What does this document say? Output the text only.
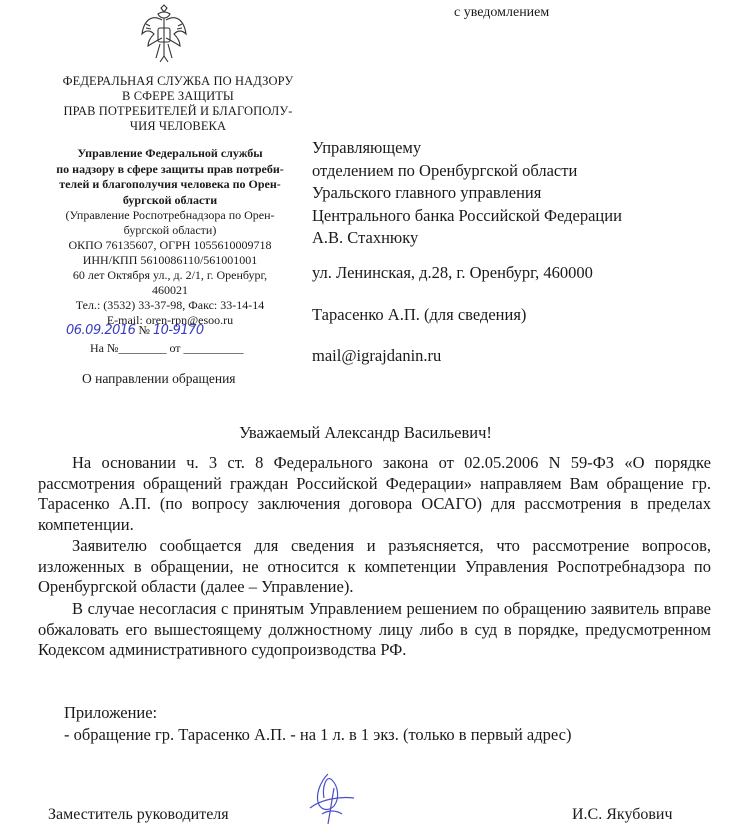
с уведомлением
ФЕДЕРАЛЬНАЯ СЛУЖБА ПО НАДЗОРУ
В СФЕРЕ ЗАЩИТЫ
ПРАВ ПОТРЕБИТЕЛЕЙ И БЛАГОПОЛУ-
ЧИЯ ЧЕЛОВЕКА
Управление Федеральной службы
по надзору в сфере защиты прав потреби-
телей и благополучия человека по Орен-
бургской области
(Управление Роспотребнадзора по Орен-
бургской области)
ОКПО 76135607, ОГРН 1055610009718
ИНН/КПП 5610086110/561001001
60 лет Октября ул., д. 2/1, г. Оренбург,
460021
Тел.: (3532) 33-37-98, Факс: 33-14-14
E-mail: oren-rpn@esoo.ru
06.09.2016 № 10-9170
На №________ от __________
О направлении обращения
Управляющему
отделением по Оренбургской области
Уральского главного управления
Центрального банка Российской Федерации
А.В. Стахнюку
ул. Ленинская, д.28, г. Оренбург, 460000
Тарасенко А.П. (для сведения)
mail@igrajdanin.ru
Уважаемый Александр Васильевич!
На основании ч. 3 ст. 8 Федерального закона от 02.05.2006 N 59-ФЗ «О порядке рассмотрения обращений граждан Российской Федерации» направляем Вам обращение гр. Тарасенко А.П. (по вопросу заключения договора ОСАГО) для рассмотрения в пределах компетенции.
Заявителю сообщается для сведения и разъясняется, что рассмотрение вопросов, изложенных в обращении, не относится к компетенции Управления Роспотребнадзора по Оренбургской области (далее – Управление).
В случае несогласия с принятым Управлением решением по обращению заявитель вправе обжаловать его вышестоящему должностному лицу либо в суд в порядке, предусмотренном Кодексом административного судопроизводства РФ.
Приложение:
- обращение гр. Тарасенко А.П. - на 1 л. в 1 экз. (только в первый адрес)
Заместитель руководителя	И.С. Якубович
